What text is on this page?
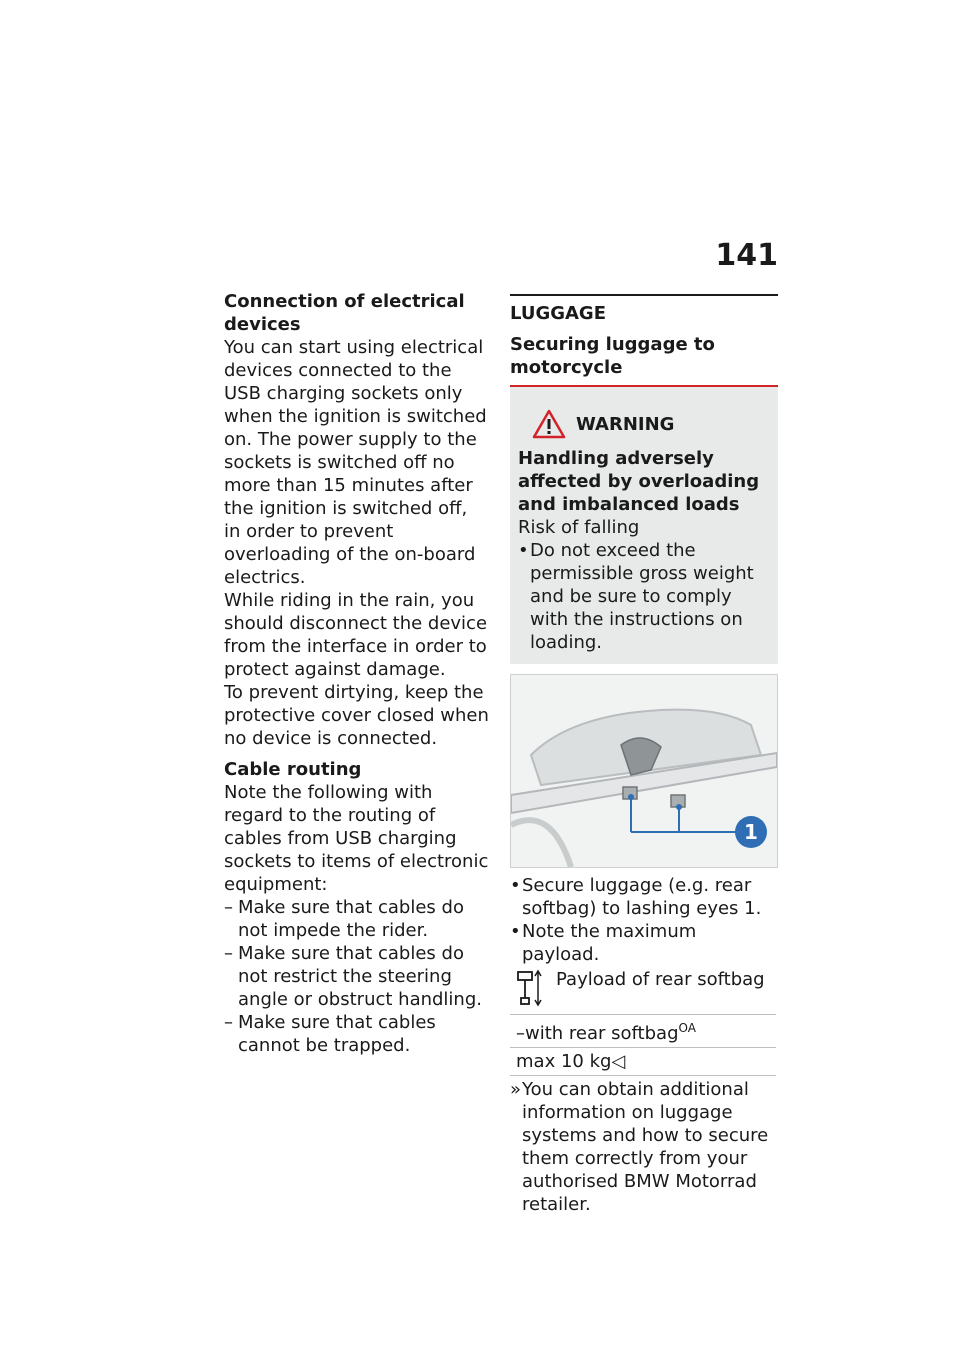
141

Connection of electrical devices

You can start using electrical devices connected to the USB charging sockets only when the ignition is switched on. The power supply to the sockets is switched off no more than 15 minutes after the ignition is switched off, in order to prevent overloading of the on-board electrics.

While riding in the rain, you should disconnect the device from the interface in order to protect against damage.

To prevent dirtying, keep the protective cover closed when no device is connected.

Cable routing

Note the following with regard to the routing of cables from USB charging sockets to items of electronic equipment:

– Make sure that cables do not impede the rider.
– Make sure that cables do not restrict the steering angle or obstruct handling.
– Make sure that cables cannot be trapped.

LUGGAGE

Securing luggage to motorcycle

WARNING

Handling adversely affected by overloading and imbalanced loads

Risk of falling

• Do not exceed the permissible gross weight and be sure to comply with the instructions on loading.
1
• Secure luggage (e.g. rear softbag) to lashing eyes 1.
• Note the maximum payload.
Payload of rear softbag

–with rear softbag$^{OA}$
max 10 kg◁
» You can obtain additional information on luggage systems and how to secure them correctly from your authorised BMW Motorrad retailer.
